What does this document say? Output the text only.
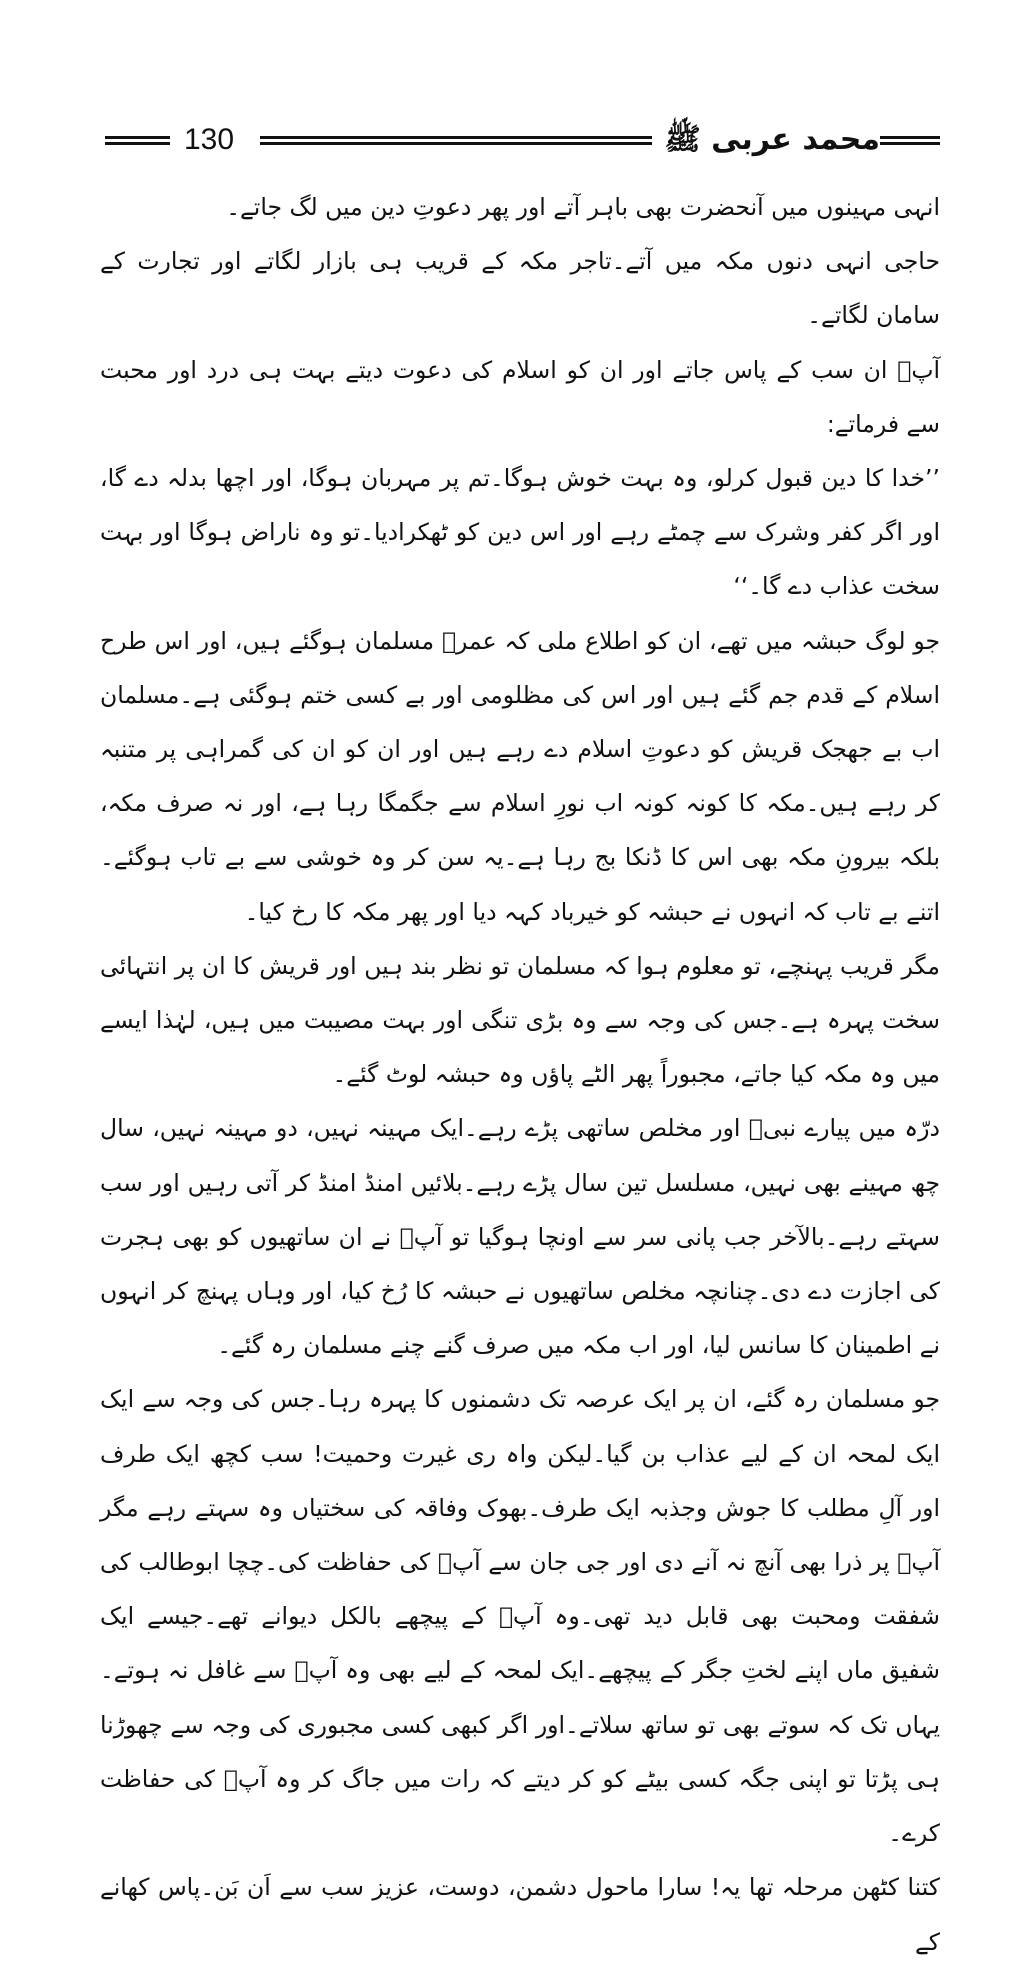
130	محمد عربی ﷺ

انہی مہینوں میں آنحضرت بھی باہر آتے اور پھر دعوتِ دین میں لگ جاتے۔

حاجی انہی دنوں مکہ میں آتے۔تاجر مکہ کے قریب ہی بازار لگاتے اور تجارت کے سامان لگاتے۔

آپؐ ان سب کے پاس جاتے اور ان کو اسلام کی دعوت دیتے بہت ہی درد اور محبت سے فرماتے:

’’خدا کا دین قبول کرلو، وہ بہت خوش ہوگا۔تم پر مہربان ہوگا، اور اچھا بدلہ دے گا، اور اگر کفر وشرک سے چمٹے رہے اور اس دین کو ٹھکرادیا۔تو وہ ناراض ہوگا اور بہت سخت عذاب دے گا۔‘‘

جو لوگ حبشہ میں تھے، ان کو اطلاع ملی کہ عمرؓ مسلمان ہوگئے ہیں، اور اس طرح اسلام کے قدم جم گئے ہیں اور اس کی مظلومی اور بے کسی ختم ہوگئی ہے۔مسلمان اب بے جھجک قریش کو دعوتِ اسلام دے رہے ہیں اور ان کو ان کی گمراہی پر متنبہ کر رہے ہیں۔مکہ کا کونہ کونہ اب نورِ اسلام سے جگمگا رہا ہے، اور نہ صرف مکہ، بلکہ بیرونِ مکہ بھی اس کا ڈنکا بج رہا ہے۔یہ سن کر وہ خوشی سے بے تاب ہوگئے۔اتنے بے تاب کہ انہوں نے حبشہ کو خیرباد کہہ دیا اور پھر مکہ کا رخ کیا۔

مگر قریب پہنچے، تو معلوم ہوا کہ مسلمان تو نظر بند ہیں اور قریش کا ان پر انتہائی سخت پہرہ ہے۔جس کی وجہ سے وہ بڑی تنگی اور بہت مصیبت میں ہیں، لہٰذا ایسے میں وہ مکہ کیا جاتے، مجبوراً پھر الٹے پاؤں وہ حبشہ لوٹ گئے۔

درّہ میں پیارے نبیؐ اور مخلص ساتھی پڑے رہے۔ایک مہینہ نہیں، دو مہینہ نہیں، سال چھ مہینے بھی نہیں، مسلسل تین سال پڑے رہے۔بلائیں امنڈ امنڈ کر آتی رہیں اور سب سہتے رہے۔بالآخر جب پانی سر سے اونچا ہوگیا تو آپؐ نے ان ساتھیوں کو بھی ہجرت کی اجازت دے دی۔چنانچہ مخلص ساتھیوں نے حبشہ کا رُخ کیا، اور وہاں پہنچ کر انہوں نے اطمینان کا سانس لیا، اور اب مکہ میں صرف گنے چنے مسلمان رہ گئے۔

جو مسلمان رہ گئے، ان پر ایک عرصہ تک دشمنوں کا پہرہ رہا۔جس کی وجہ سے ایک ایک لمحہ ان کے لیے عذاب بن گیا۔لیکن واہ ری غیرت وحمیت! سب کچھ ایک طرف اور آلِ مطلب کا جوش وجذبہ ایک طرف۔بھوک وفاقہ کی سختیاں وہ سہتے رہے مگر آپؐ پر ذرا بھی آنچ نہ آنے دی اور جی جان سے آپؐ کی حفاظت کی۔چچا ابوطالب کی شفقت ومحبت بھی قابل دید تھی۔وہ آپؐ کے پیچھے بالکل دیوانے تھے۔جیسے ایک شفیق ماں اپنے لختِ جگر کے پیچھے۔ایک لمحہ کے لیے بھی وہ آپؐ سے غافل نہ ہوتے۔یہاں تک کہ سوتے بھی تو ساتھ سلاتے۔اور اگر کبھی کسی مجبوری کی وجہ سے چھوڑنا ہی پڑتا تو اپنی جگہ کسی بیٹے کو کر دیتے کہ رات میں جاگ کر وہ آپؐ کی حفاظت کرے۔

کتنا کٹھن مرحلہ تھا یہ! سارا ماحول دشمن، دوست، عزیز سب سے اَن بَن۔پاس کھانے کے
